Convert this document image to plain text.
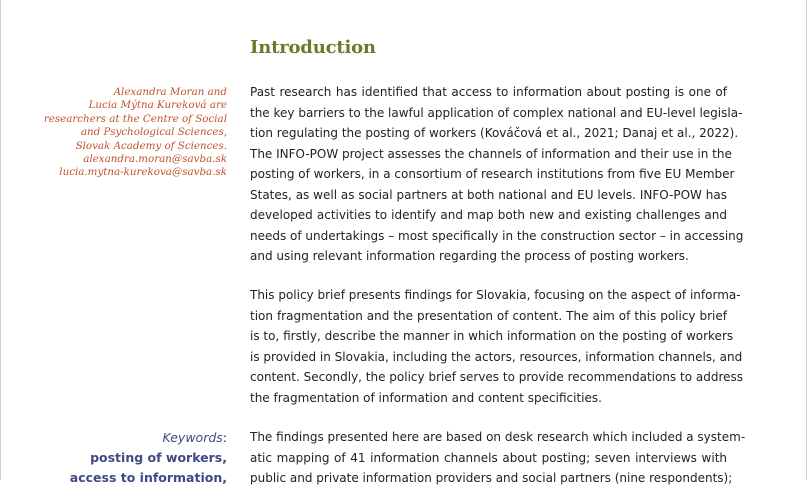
Introduction
Alexandra Moran and
Lucia Mýtna Kureková are
researchers at the Centre of Social
and Psychological Sciences,
Slovak Academy of Sciences.
alexandra.moran@savba.sk
lucia.mytna-kurekova@savba.sk
Past research has identified that access to information about posting is one of
the key barriers to the lawful application of complex national and EU-level legisla-
tion regulating the posting of workers (Kováčová et al., 2021; Danaj et al., 2022).
The INFO-POW project assesses the channels of information and their use in the
posting of workers, in a consortium of research institutions from five EU Member
States, as well as social partners at both national and EU levels. INFO-POW has
developed activities to identify and map both new and existing challenges and
needs of undertakings – most specifically in the construction sector – in accessing
and using relevant information regarding the process of posting workers.
This policy brief presents findings for Slovakia, focusing on the aspect of informa-
tion fragmentation and the presentation of content. The aim of this policy brief
is to, firstly, describe the manner in which information on the posting of workers
is provided in Slovakia, including the actors, resources, information channels, and
content. Secondly, the policy brief serves to provide recommendations to address
the fragmentation of information and content specificities.
The findings presented here are based on desk research which included a system-
atic mapping of 41 information channels about posting; seven interviews with
public and private information providers and social partners (nine respondents);
Keywords:
posting of workers,
access to information,
